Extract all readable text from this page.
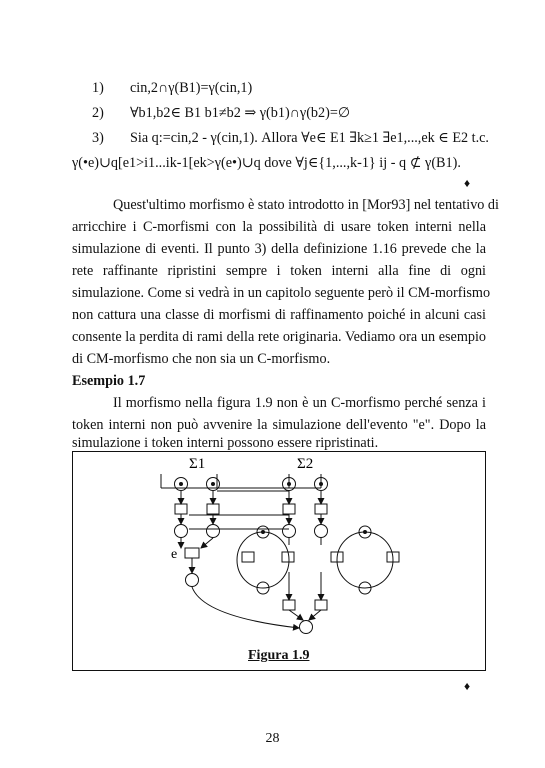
1) cin,2∩γ(B1)=γ(cin,1)
2) ∀b1,b2∈ B1 b1≠b2 ⇒ γ(b1)∩γ(b2)=∅
3) Sia q:=cin,2 - γ(cin,1). Allora ∀e∈ E1 ∃k≥1 ∃e1,...,ek ∈ E2 t.c.
γ(•e)∪q[e1>i1...ik-1[ek>γ(e•)∪q dove ∀j∈{1,...,k-1} ij - q ⊄ γ(B1).
♦
Quest'ultimo morfismo è stato introdotto in [Mor93] nel tentativo di
arricchire i C-morfismi con la possibilità di usare token interni nella
simulazione di eventi. Il punto 3) della definizione 1.16 prevede che la
rete raffinante ripristini sempre i token interni alla fine di ogni
simulazione. Come si vedrà in un capitolo seguente però il CM-morfismo
non cattura una classe di morfismi di raffinamento poiché in alcuni casi
consente la perdita di rami della rete originaria. Vediamo ora un esempio
di CM-morfismo che non sia un C-morfismo.
Esempio 1.7
Il morfismo nella figura 1.9 non è un C-morfismo perché senza i
token interni non può avvenire la simulazione dell'evento "e". Dopo la
simulazione i token interni possono essere ripristinati.
Σ1	Σ2
e
Figura 1.9
♦
28
